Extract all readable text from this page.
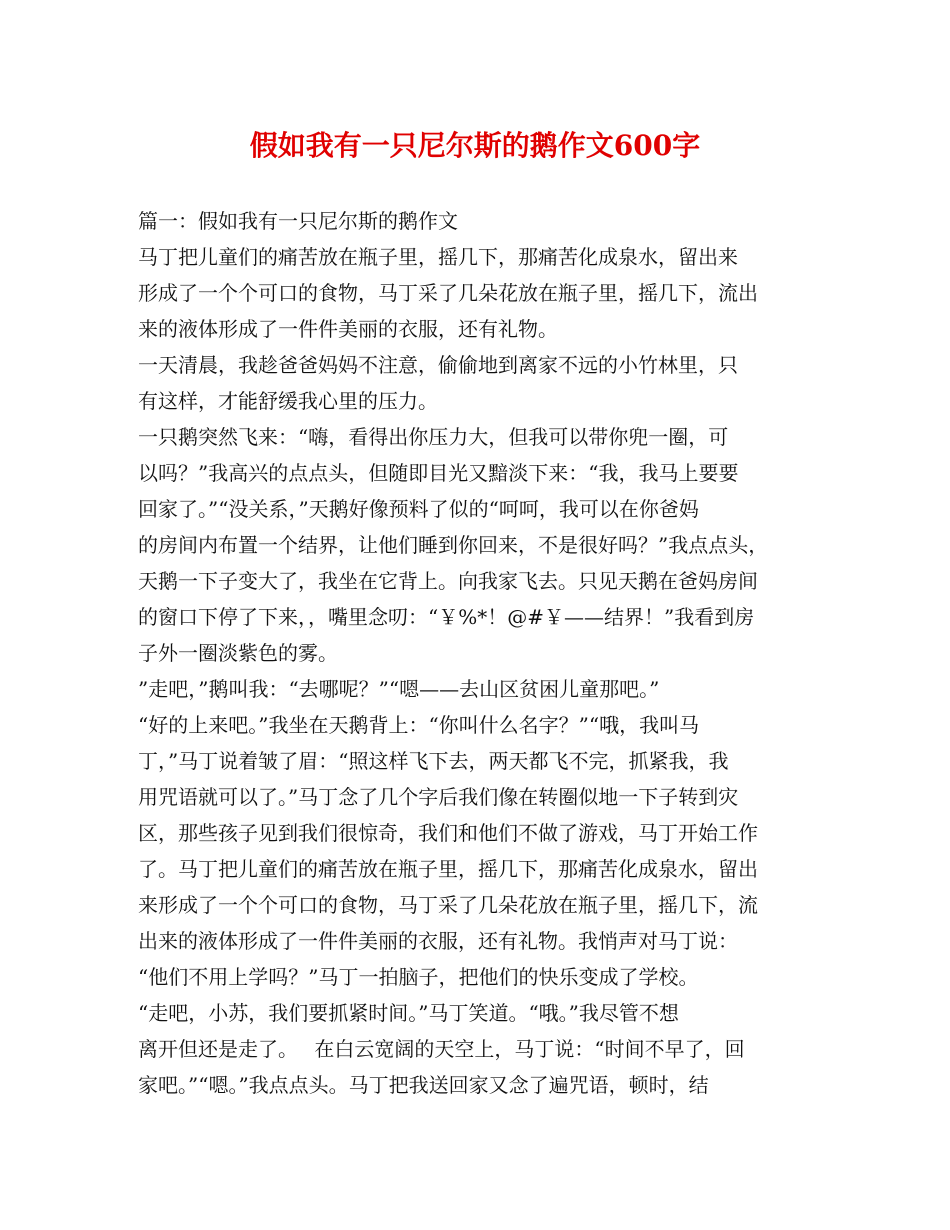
假如我有一只尼尔斯的鹅作文600字
篇一：假如我有一只尼尔斯的鹅作文
马丁把儿童们的痛苦放在瓶子里，摇几下，那痛苦化成泉水，留出来
形成了一个个可口的食物，马丁采了几朵花放在瓶子里，摇几下，流出
来的液体形成了一件件美丽的衣服，还有礼物。
一天清晨，我趁爸爸妈妈不注意，偷偷地到离家不远的小竹林里，只
有这样，才能舒缓我心里的压力。
一只鹅突然飞来：“嗨，看得出你压力大，但我可以带你兜一圈，可
以吗？”我高兴的点点头，但随即目光又黯淡下来：“我，我马上要要
回家了。”“没关系，”天鹅好像预料了似的“呵呵，我可以在你爸妈
的房间内布置一个结界，让他们睡到你回来，不是很好吗？”我点点头，
天鹅一下子变大了，我坐在它背上。向我家飞去。只见天鹅在爸妈房间
的窗口下停了下来，，嘴里念叨：“￥%*！@#￥——结界！”我看到房
子外一圈淡紫色的雾。
”走吧，”鹅叫我：“去哪呢？”“嗯——去山区贫困儿童那吧。”
“好的上来吧。”我坐在天鹅背上：“你叫什么名字？”“哦，我叫马
丁，”马丁说着皱了眉：“照这样飞下去，两天都飞不完，抓紧我，我
用咒语就可以了。”马丁念了几个字后我们像在转圈似地一下子转到灾
区，那些孩子见到我们很惊奇，我们和他们不做了游戏，马丁开始工作
了。马丁把儿童们的痛苦放在瓶子里，摇几下，那痛苦化成泉水，留出
来形成了一个个可口的食物，马丁采了几朵花放在瓶子里，摇几下，流
出来的液体形成了一件件美丽的衣服，还有礼物。我悄声对马丁说：
“他们不用上学吗？”马丁一拍脑子，把他们的快乐变成了学校。
“走吧，小苏，我们要抓紧时间。”马丁笑道。“哦。”我尽管不想
离开但还是走了。　 在白云宽阔的天空上，马丁说：“时间不早了，回
家吧。”“嗯。”我点点头。马丁把我送回家又念了遍咒语，顿时，结
